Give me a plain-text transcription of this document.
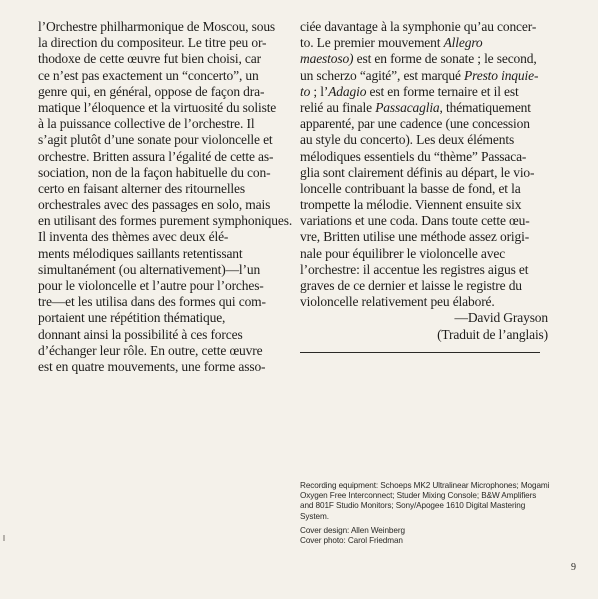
l’Orchestre philharmonique de Moscou, sous
la direction du compositeur. Le titre peu or-
thodoxe de cette œuvre fut bien choisi, car
ce n’est pas exactement un “concerto”, un
genre qui, en général, oppose de façon dra-
matique l’éloquence et la virtuosité du soliste
à la puissance collective de l’orchestre. Il
s’agit plutôt d’une sonate pour violoncelle et
orchestre. Britten assura l’égalité de cette as-
sociation, non de la façon habituelle du con-
certo en faisant alterner des ritournelles
orchestrales avec des passages en solo, mais
en utilisant des formes purement symphoniques.
Il inventa des thèmes avec deux élé-
ments mélodiques saillants retentissant
simultanément (ou alternativement)—l’un
pour le violoncelle et l’autre pour l’orches-
tre—et les utilisa dans des formes qui com-
portaient une répétition thématique,
donnant ainsi la possibilité à ces forces
d’échanger leur rôle. En outre, cette œuvre
est en quatre mouvements, une forme asso-
ciée davantage à la symphonie qu’au concer-
to. Le premier mouvement Allegro
maestoso) est en forme de sonate ; le second,
un scherzo “agité”, est marqué Presto inquie-
to ; l’Adagio est en forme ternaire et il est
relié au finale Passacaglia, thématiquement
apparenté, par une cadence (une concession
au style du concerto). Les deux éléments
mélodiques essentiels du “thème” Passaca-
glia sont clairement définis au départ, le vio-
loncelle contribuant la basse de fond, et la
trompette la mélodie. Viennent ensuite six
variations et une coda. Dans toute cette œu-
vre, Britten utilise une méthode assez origi-
nale pour équilibrer le violoncelle avec
l’orchestre: il accentue les registres aigus et
graves de ce dernier et laisse le registre du
violoncelle relativement peu élaboré.
—David Grayson
(Traduit de l’anglais)
Recording equipment: Schoeps MK2 Ultralinear Microphones; Mogami
Oxygen Free Interconnect; Studer Mixing Console; B&W Amplifiers
and 801F Studio Monitors; Sony/Apogee 1610 Digital Mastering
System.
Cover design: Allen Weinberg
Cover photo: Carol Friedman
9
